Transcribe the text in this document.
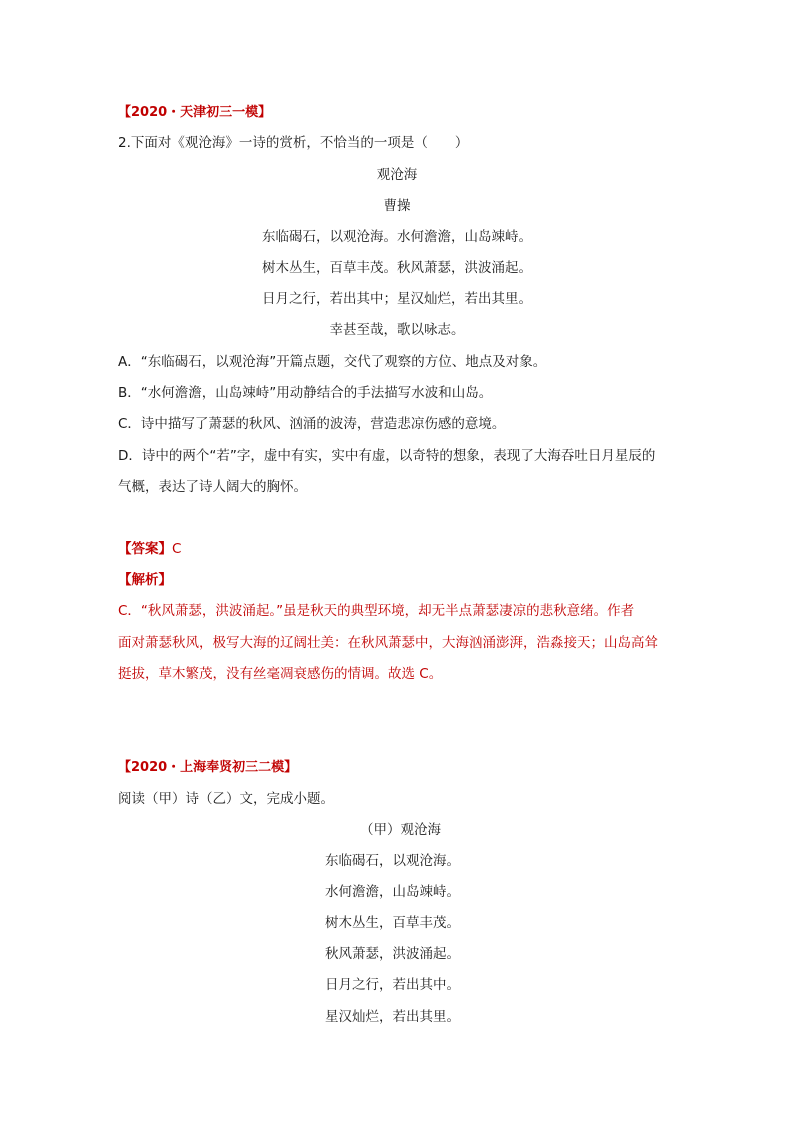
【2020・天津初三一模】
2.下面对《观沧海》一诗的赏析，不恰当的一项是（　　）
观沧海
曹操
东临碣石，以观沧海。水何澹澹，山岛竦峙。
树木丛生，百草丰茂。秋风萧瑟，洪波涌起。
日月之行，若出其中；星汉灿烂，若出其里。
幸甚至哉，歌以咏志。
A．“东临碣石，以观沧海”开篇点题，交代了观察的方位、地点及对象。
B．“水何澹澹，山岛竦峙”用动静结合的手法描写水波和山岛。
C．诗中描写了萧瑟的秋风、汹涌的波涛，营造悲凉伤感的意境。
D．诗中的两个“若”字，虚中有实，实中有虚，以奇特的想象，表现了大海吞吐日月星辰的
气概，表达了诗人阔大的胸怀。
【答案】C
【解析】
C．“秋风萧瑟，洪波涌起。”虽是秋天的典型环境，却无半点萧瑟凄凉的悲秋意绪。作者
面对萧瑟秋风，极写大海的辽阔壮美：在秋风萧瑟中，大海汹涌澎湃，浩淼接天；山岛高耸
挺拔，草木繁茂，没有丝毫凋衰感伤的情调。故选 C。
【2020・上海奉贤初三二模】
阅读（甲）诗（乙）文，完成小题。
（甲）观沧海
东临碣石，以观沧海。
水何澹澹，山岛竦峙。
树木丛生，百草丰茂。
秋风萧瑟，洪波涌起。
日月之行，若出其中。
星汉灿烂，若出其里。
